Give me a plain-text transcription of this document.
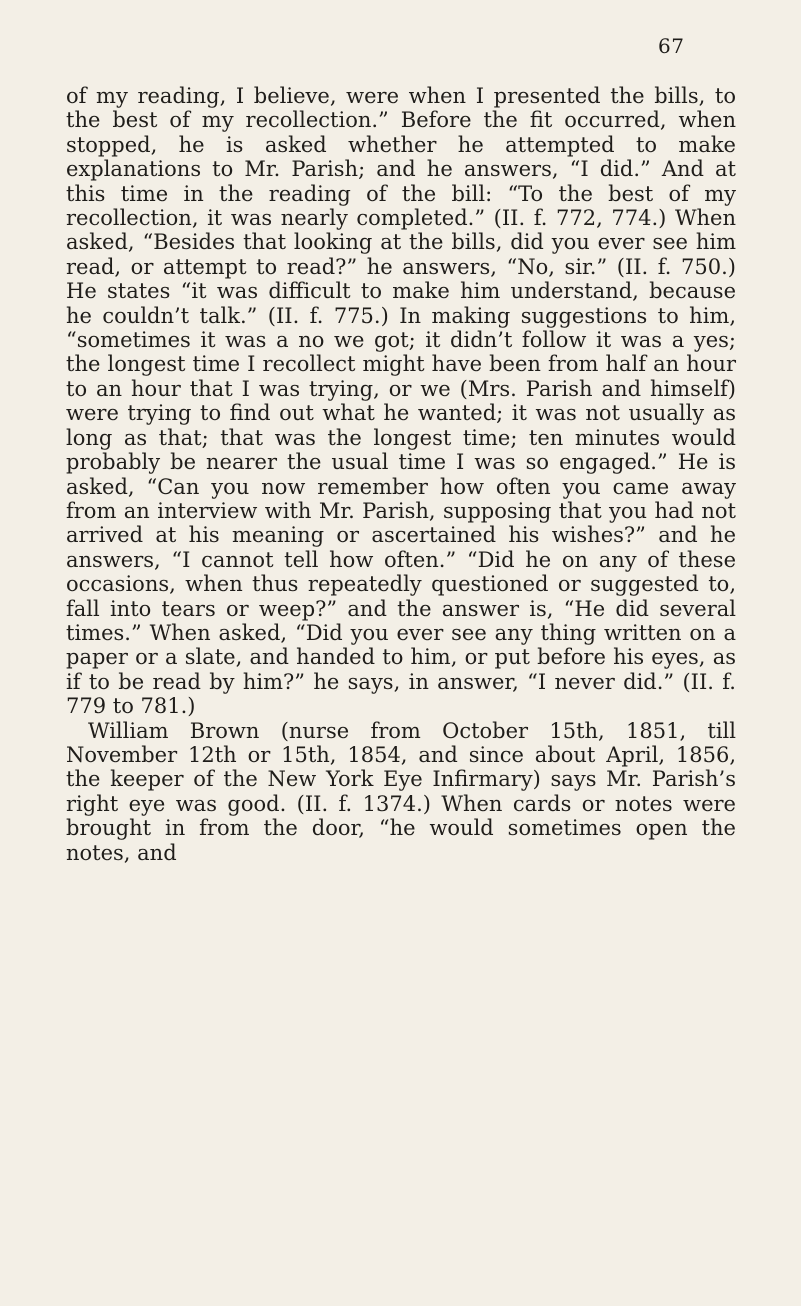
67

of my reading, I believe, were when I presented the bills, to the best of my recollection.” Before the fit occurred, when stopped, he is asked whether he attempted to make explanations to Mr. Parish; and he answers, “I did.” And at this time in the reading of the bill: “To the best of my recollection, it was nearly completed.” (II. f. 772, 774.) When asked, “Besides that looking at the bills, did you ever see him read, or attempt to read?” he answers, “No, sir.” (II. f. 750.) He states “it was difficult to make him understand, because he couldn’t talk.” (II. f. 775.) In making suggestions to him, “sometimes it was a no we got; it didn’t follow it was a yes; the longest time I recollect might have been from half an hour to an hour that I was trying, or we (Mrs. Parish and himself) were trying to find out what he wanted; it was not usually as long as that; that was the longest time; ten minutes would probably be nearer the usual time I was so engaged.” He is asked, “Can you now remember how often you came away from an interview with Mr. Parish, supposing that you had not arrived at his meaning or ascertained his wishes?” and he answers, “I cannot tell how often.” “Did he on any of these occasions, when thus repeatedly questioned or suggested to, fall into tears or weep?” and the answer is, “He did several times.” When asked, “Did you ever see any thing written on a paper or a slate, and handed to him, or put before his eyes, as if to be read by him?” he says, in answer, “I never did.” (II. f. 779 to 781.)

William Brown (nurse from October 15th, 1851, till November 12th or 15th, 1854, and since about April, 1856, the keeper of the New York Eye Infirmary) says Mr. Parish’s right eye was good. (II. f. 1374.) When cards or notes were brought in from the door, “he would sometimes open the notes, and
